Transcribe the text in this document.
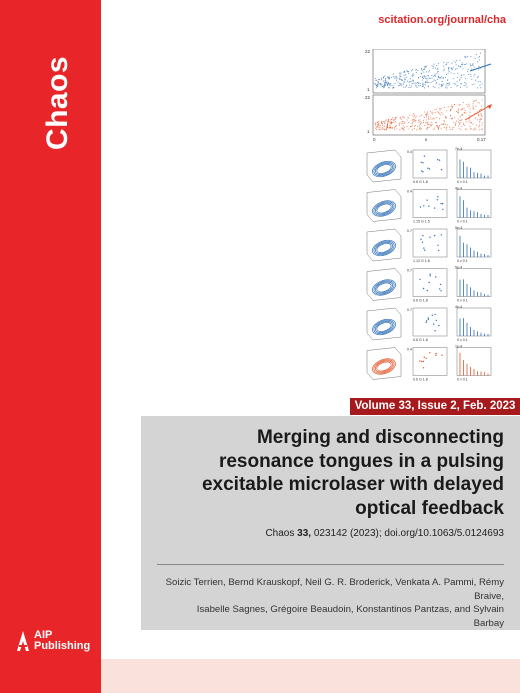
Chaos
AIP
Publishing
scitation.org/journal/cha
22
1
22
1
0	κ	0.17
0.4
0.6 G 1.8
7e-4
0 ν 0.1
0.4
1.15 G 1.5
4e-4
0 ν 0.1
0.7
1.12 G 1.8
5e-4
0 ν 0.1
0.7
0.6 G 1.8
5e-4
0 ν 0.1
0.7
0.6 G 1.8
4e-4
0 ν 0.1
0.4
0.6 G 1.8
1e-4
0 ν 0.1
Volume 33, Issue 2, Feb. 2023
Merging and disconnecting resonance tongues in a pulsing excitable microlaser with delayed optical feedback
Chaos 33, 023142 (2023); doi.org/10.1063/5.0124693
Soizic Terrien, Bernd Krauskopf, Neil G. R. Broderick, Venkata A. Pammi, Rémy Braive,
Isabelle Sagnes, Grégoire Beaudoin, Konstantinos Pantzas, and Sylvain Barbay
